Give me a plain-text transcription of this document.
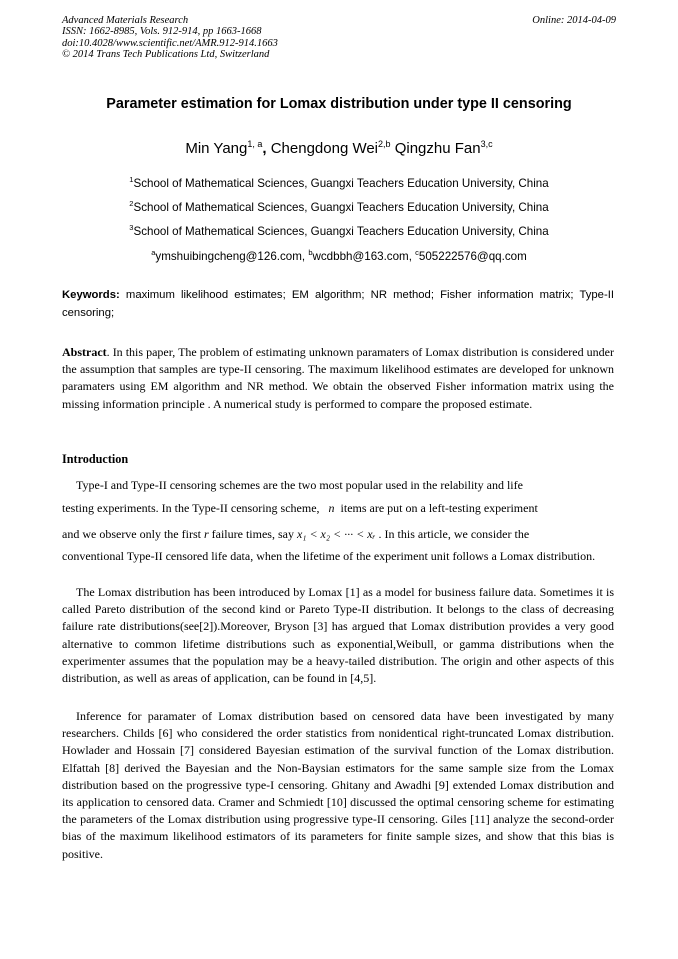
Advanced Materials Research
ISSN: 1662-8985, Vols. 912-914, pp 1663-1668
doi:10.4028/www.scientific.net/AMR.912-914.1663
© 2014 Trans Tech Publications Ltd, Switzerland
Online: 2014-04-09
Parameter estimation for Lomax distribution under type II censoring
Min Yang$^{1, a}$, Chengdong Wei$^{2,b}$ Qingzhu Fan$^{3,c}$
$^1$School of Mathematical Sciences, Guangxi Teachers Education University, China
$^2$School of Mathematical Sciences, Guangxi Teachers Education University, China
$^3$School of Mathematical Sciences, Guangxi Teachers Education University, China
$^a$ymshuibingcheng@126.com, $^b$wcdbbh@163.com, $^c$505222576@qq.com
Keywords: maximum likelihood estimates; EM algorithm; NR method; Fisher information matrix; Type-II censoring;
Abstract. In this paper, The problem of estimating unknown paramaters of Lomax distribution is considered under the assumption that samples are type-II censoring. The maximum likelihood estimates are developed for unknown paramaters using EM algorithm and NR method. We obtain the observed Fisher information matrix using the missing information principle . A numerical study is performed to compare the proposed estimate.
Introduction
Type-I and Type-II censoring schemes are the two most popular used in the relability and life
testing experiments. In the Type-II censoring scheme, n items are put on a left-testing experiment
and we observe only the first r failure times, say x₁ < x₂ < ··· < xᵣ . In this article, we consider the
conventional Type-II censored life data, when the lifetime of the experiment unit follows a Lomax distribution.
The Lomax distribution has been introduced by Lomax [1] as a model for business failure data. Sometimes it is called Pareto distribution of the second kind or Pareto Type-II distribution. It belongs to the class of decreasing failure rate distributions(see[2]).Moreover, Bryson [3] has argued that Lomax distribution provides a very good alternative to common lifetime distributions such as exponential,Weibull, or gamma distributions when the experimenter assumes that the population may be a heavy-tailed distribution. The origin and other aspects of this distribution, as well as areas of application, can be found in [4,5].
Inference for paramater of Lomax distribution based on censored data have been investigated by many researchers. Childs [6] who considered the order statistics from nonidentical right-truncated Lomax distribution. Howlader and Hossain [7] considered Bayesian estimation of the survival function of the Lomax distribution. Elfattah [8] derived the Bayesian and the Non-Baysian estimators for the same sample size from the Lomax distribution based on the progressive type-I censoring. Ghitany and Awadhi [9] extended Lomax distribution and its application to censored data. Cramer and Schmiedt [10] discussed the optimal censoring scheme for estimating the parameters of the Lomax distribution using progressive type-II censoring. Giles [11] analyze the second-order bias of the maximum likelihood estimators of its parameters for finite sample sizes, and show that this bias is positive.
